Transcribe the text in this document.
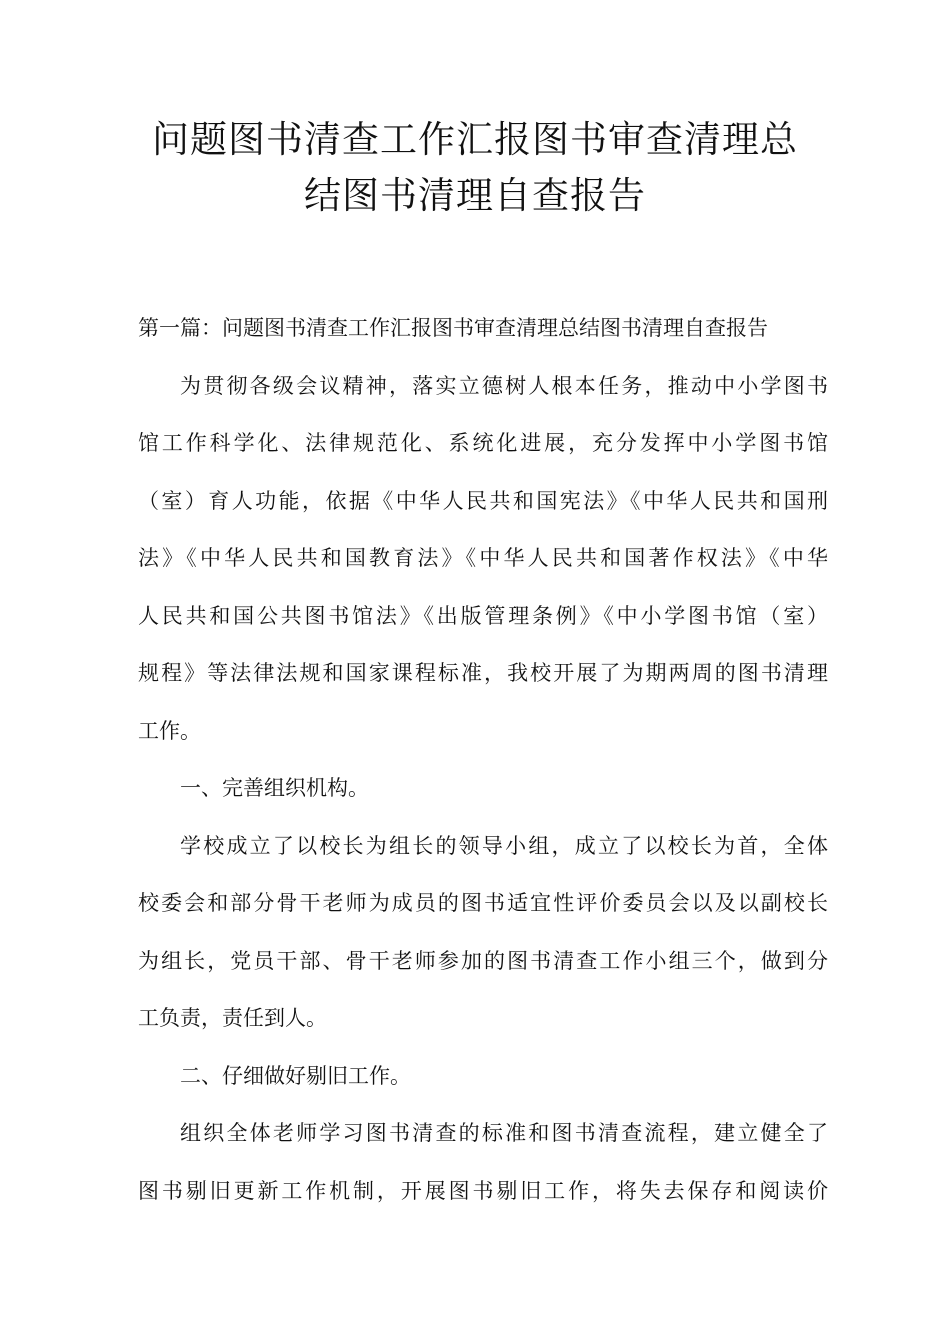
问题图书清查工作汇报图书审查清理总
结图书清理自查报告
第一篇：问题图书清查工作汇报图书审查清理总结图书清理自查报告
为贯彻各级会议精神，落实立德树人根本任务，推动中小学图书
馆工作科学化、法律规范化、系统化进展，充分发挥中小学图书馆
（室）育人功能，依据《中华人民共和国宪法》《中华人民共和国刑
法》《中华人民共和国教育法》《中华人民共和国著作权法》《中华
人民共和国公共图书馆法》《出版管理条例》《中小学图书馆（室）
规程》等法律法规和国家课程标准，我校开展了为期两周的图书清理
工作。
一、完善组织机构。
学校成立了以校长为组长的领导小组，成立了以校长为首，全体
校委会和部分骨干老师为成员的图书适宜性评价委员会以及以副校长
为组长，党员干部、骨干老师参加的图书清查工作小组三个，做到分
工负责，责任到人。
二、仔细做好剔旧工作。
组织全体老师学习图书清查的标准和图书清查流程，建立健全了
图书剔旧更新工作机制，开展图书剔旧工作，将失去保存和阅读价
